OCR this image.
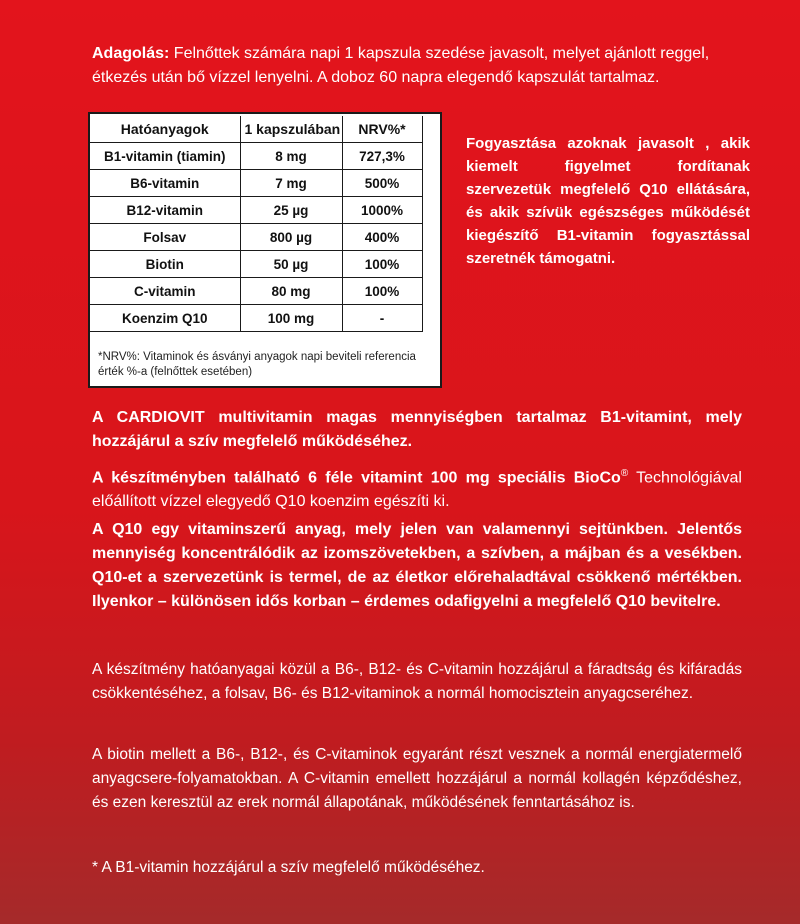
Adagolás: Felnőttek számára napi 1 kapszula szedése javasolt, melyet ajánlott reggel, étkezés után bő vízzel lenyelni. A doboz 60 napra elegendő kapszulát tartalmaz.
Hatóanyagok	1 kapszulában	NRV%*
B1-vitamin (tiamin)	8 mg	727,3%
B6-vitamin	7 mg	500%
B12-vitamin	25 µg	1000%
Folsav	800 µg	400%
Biotin	50 µg	100%
C-vitamin	80 mg	100%
Koenzim Q10	100 mg	-
*NRV%: Vitaminok és ásványi anyagok napi beviteli referencia érték %-a (felnőttek esetében)
Fogyasztása azoknak javasolt , akik kiemelt figyelmet fordítanak szervezetük megfelelő Q10 ellátására, és akik szívük egészséges működését kiegészítő B1-vitamin fogyasztással szeretnék támogatni.
A CARDIOVIT multivitamin magas mennyiségben tartalmaz B1-vitamint, mely hozzájárul a szív megfelelő működéséhez.
A készítményben található 6 féle vitamint 100 mg speciális BioCo® Technológiával előállított vízzel elegyedő Q10 koenzim egészíti ki.
A Q10 egy vitaminszerű anyag, mely jelen van valamennyi sejtünkben. Jelentős mennyiség koncentrálódik az izomszövetekben, a szívben, a májban és a vesékben. Q10-et a szervezetünk is termel, de az életkor előrehaladtával csökkenő mértékben. Ilyenkor – különösen idős korban – érdemes odafigyelni a megfelelő Q10 bevitelre.
A készítmény hatóanyagai közül a B6-, B12- és C-vitamin hozzájárul a fáradtság és kifáradás csökkentéséhez, a folsav, B6- és B12-vitaminok a normál homocisztein anyagcseréhez.
A biotin mellett a B6-, B12-, és C-vitaminok egyaránt részt vesznek a normál energiatermelő anyagcsere-folyamatokban. A C-vitamin emellett hozzájárul a normál kollagén képződéshez, és ezen keresztül az erek normál állapotának, működésének fenntartásához is.
* A B1-vitamin hozzájárul a szív megfelelő működéséhez.
